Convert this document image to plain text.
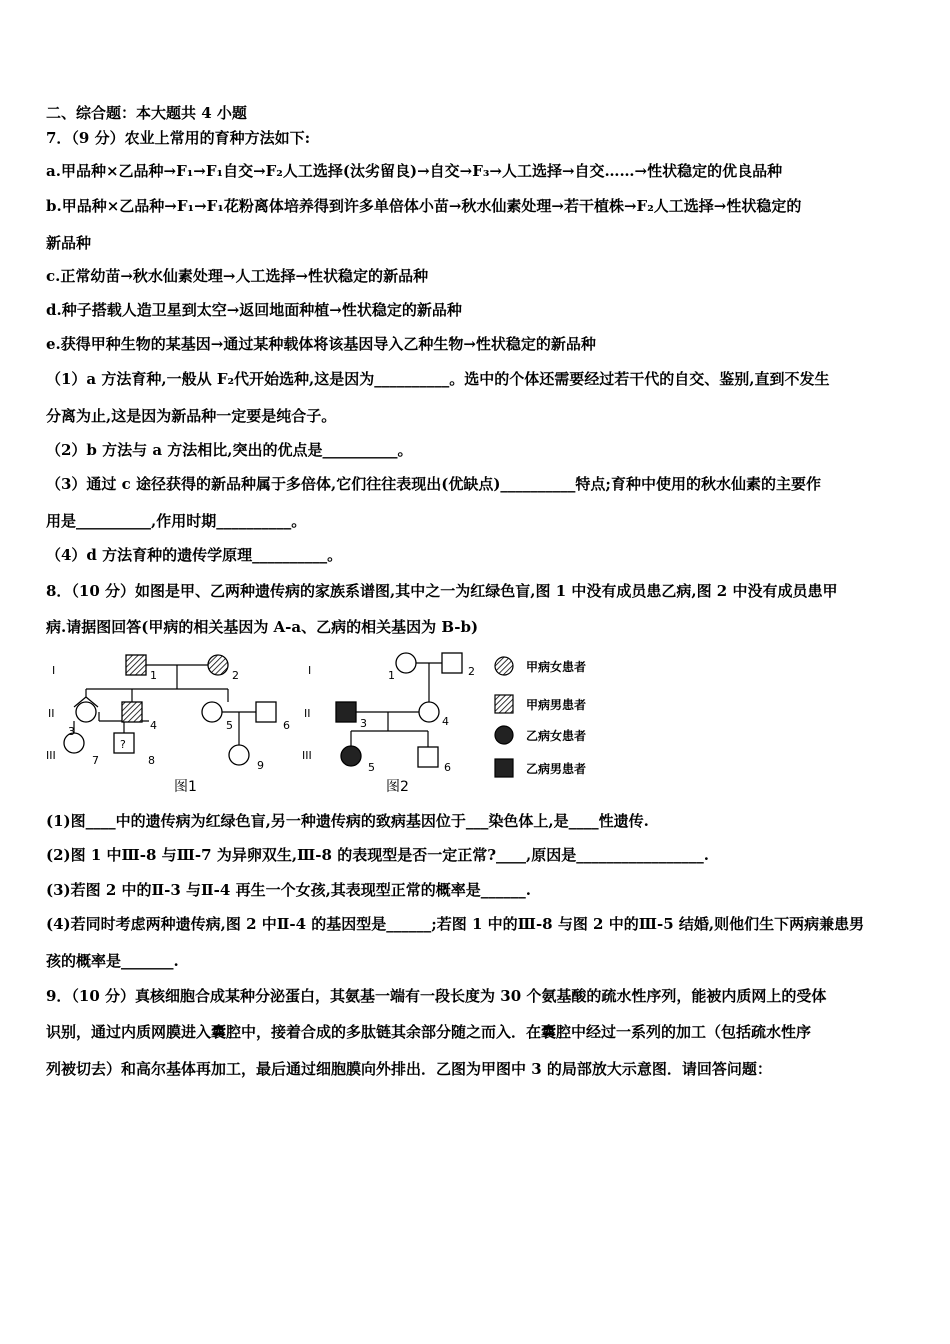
二、综合题：本大题共 4 小题
7．（9 分）农业上常用的育种方法如下:
a.甲品种×乙品种→F₁→F₁自交→F₂人工选择(汰劣留良)→自交→F₃→人工选择→自交……→性状稳定的优良品种
b.甲品种×乙品种→F₁→F₁花粉离体培养得到许多单倍体小苗→秋水仙素处理→若干植株→F₂人工选择→性状稳定的
新品种
c.正常幼苗→秋水仙素处理→人工选择→性状稳定的新品种
d.种子搭载人造卫星到太空→返回地面种植→性状稳定的新品种
e.获得甲种生物的某基因→通过某种载体将该基因导入乙种生物→性状稳定的新品种
（1）a 方法育种,一般从 F₂代开始选种,这是因为__________。选中的个体还需要经过若干代的自交、鉴别,直到不发生
分离为止,这是因为新品种一定要是纯合子。
（2）b 方法与 a 方法相比,突出的优点是__________。
（3）通过 c 途径获得的新品种属于多倍体,它们往往表现出(优缺点)__________特点;育种中使用的秋水仙素的主要作
用是__________,作用时期__________。
（4）d 方法育种的遗传学原理__________。
8．（10 分）如图是甲、乙两种遗传病的家族系谱图,其中之一为红绿色盲,图 1 中没有成员患乙病,图 2 中没有成员患甲
病.请据图回答(甲病的相关基因为 A-a、乙病的相关基因为 B-b)
I
II
III
?
1	2
3	4	5	6
7	8	9
图1
I
II
III
1	2
3	4
5	6
图2
甲病女患者
甲病男患者
乙病女患者
乙病男患者
(1)图____中的遗传病为红绿色盲,另一种遗传病的致病基因位于___染色体上,是____性遗传.
(2)图 1 中Ⅲ-8 与Ⅲ-7 为异卵双生,Ⅲ-8 的表现型是否一定正常?____,原因是_________________.
(3)若图 2 中的Ⅱ-3 与Ⅱ-4 再生一个女孩,其表现型正常的概率是______.
(4)若同时考虑两种遗传病,图 2 中Ⅱ-4 的基因型是______;若图 1 中的Ⅲ-8 与图 2 中的Ⅲ-5 结婚,则他们生下两病兼患男
孩的概率是_______.
9．（10 分）真核细胞合成某种分泌蛋白，其氨基一端有一段长度为 30 个氨基酸的疏水性序列，能被内质网上的受体
识别，通过内质网膜进入囊腔中，接着合成的多肽链其余部分随之而入．在囊腔中经过一系列的加工（包括疏水性序
列被切去）和高尔基体再加工，最后通过细胞膜向外排出．乙图为甲图中 3 的局部放大示意图．请回答问题：
